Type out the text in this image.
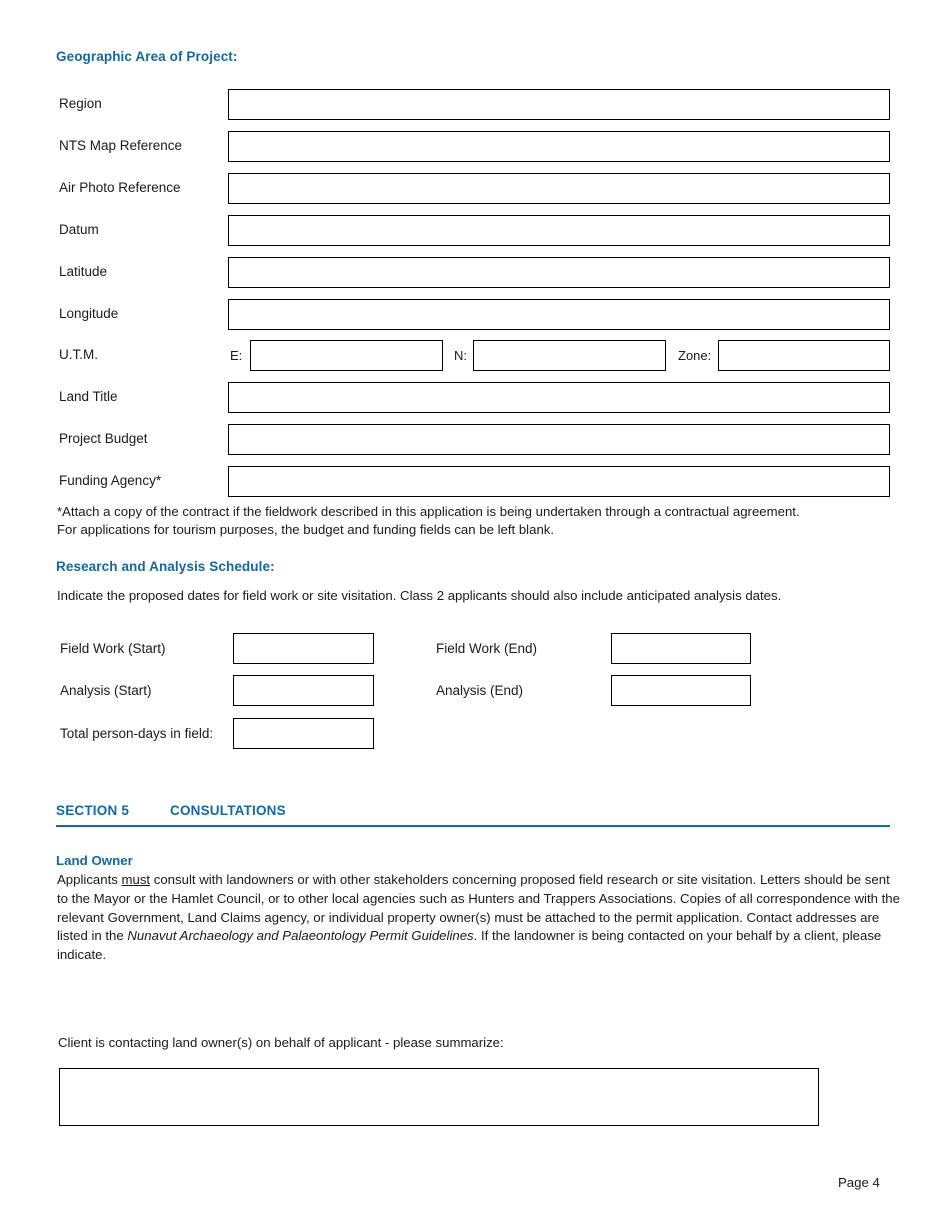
Geographic Area of Project:
Region
NTS Map Reference
Air Photo Reference
Datum
Latitude
Longitude
U.T.M.	E:	N:	Zone:
Land Title
Project Budget
Funding Agency*
*Attach a copy of the contract if the fieldwork described in this application is being undertaken through a contractual agreement.
For applications for tourism purposes, the budget and funding fields can be left blank.
Research and Analysis Schedule:
Indicate the proposed dates for field work or site visitation. Class 2 applicants should also include anticipated analysis dates.
Field Work (Start)	Field Work (End)
Analysis (Start)	Analysis (End)
Total person-days in field:
SECTION 5	CONSULTATIONS
Land Owner
Applicants must consult with landowners or with other stakeholders concerning proposed field research or site visitation. Letters should be sent to the Mayor or the Hamlet Council, or to other local agencies such as Hunters and Trappers Associations. Copies of all correspondence with the relevant Government, Land Claims agency, or individual property owner(s) must be attached to the permit application. Contact addresses are listed in the Nunavut Archaeology and Palaeontology Permit Guidelines. If the landowner is being contacted on your behalf by a client, please indicate.
Client is contacting land owner(s) on behalf of applicant - please summarize:
Page 4
